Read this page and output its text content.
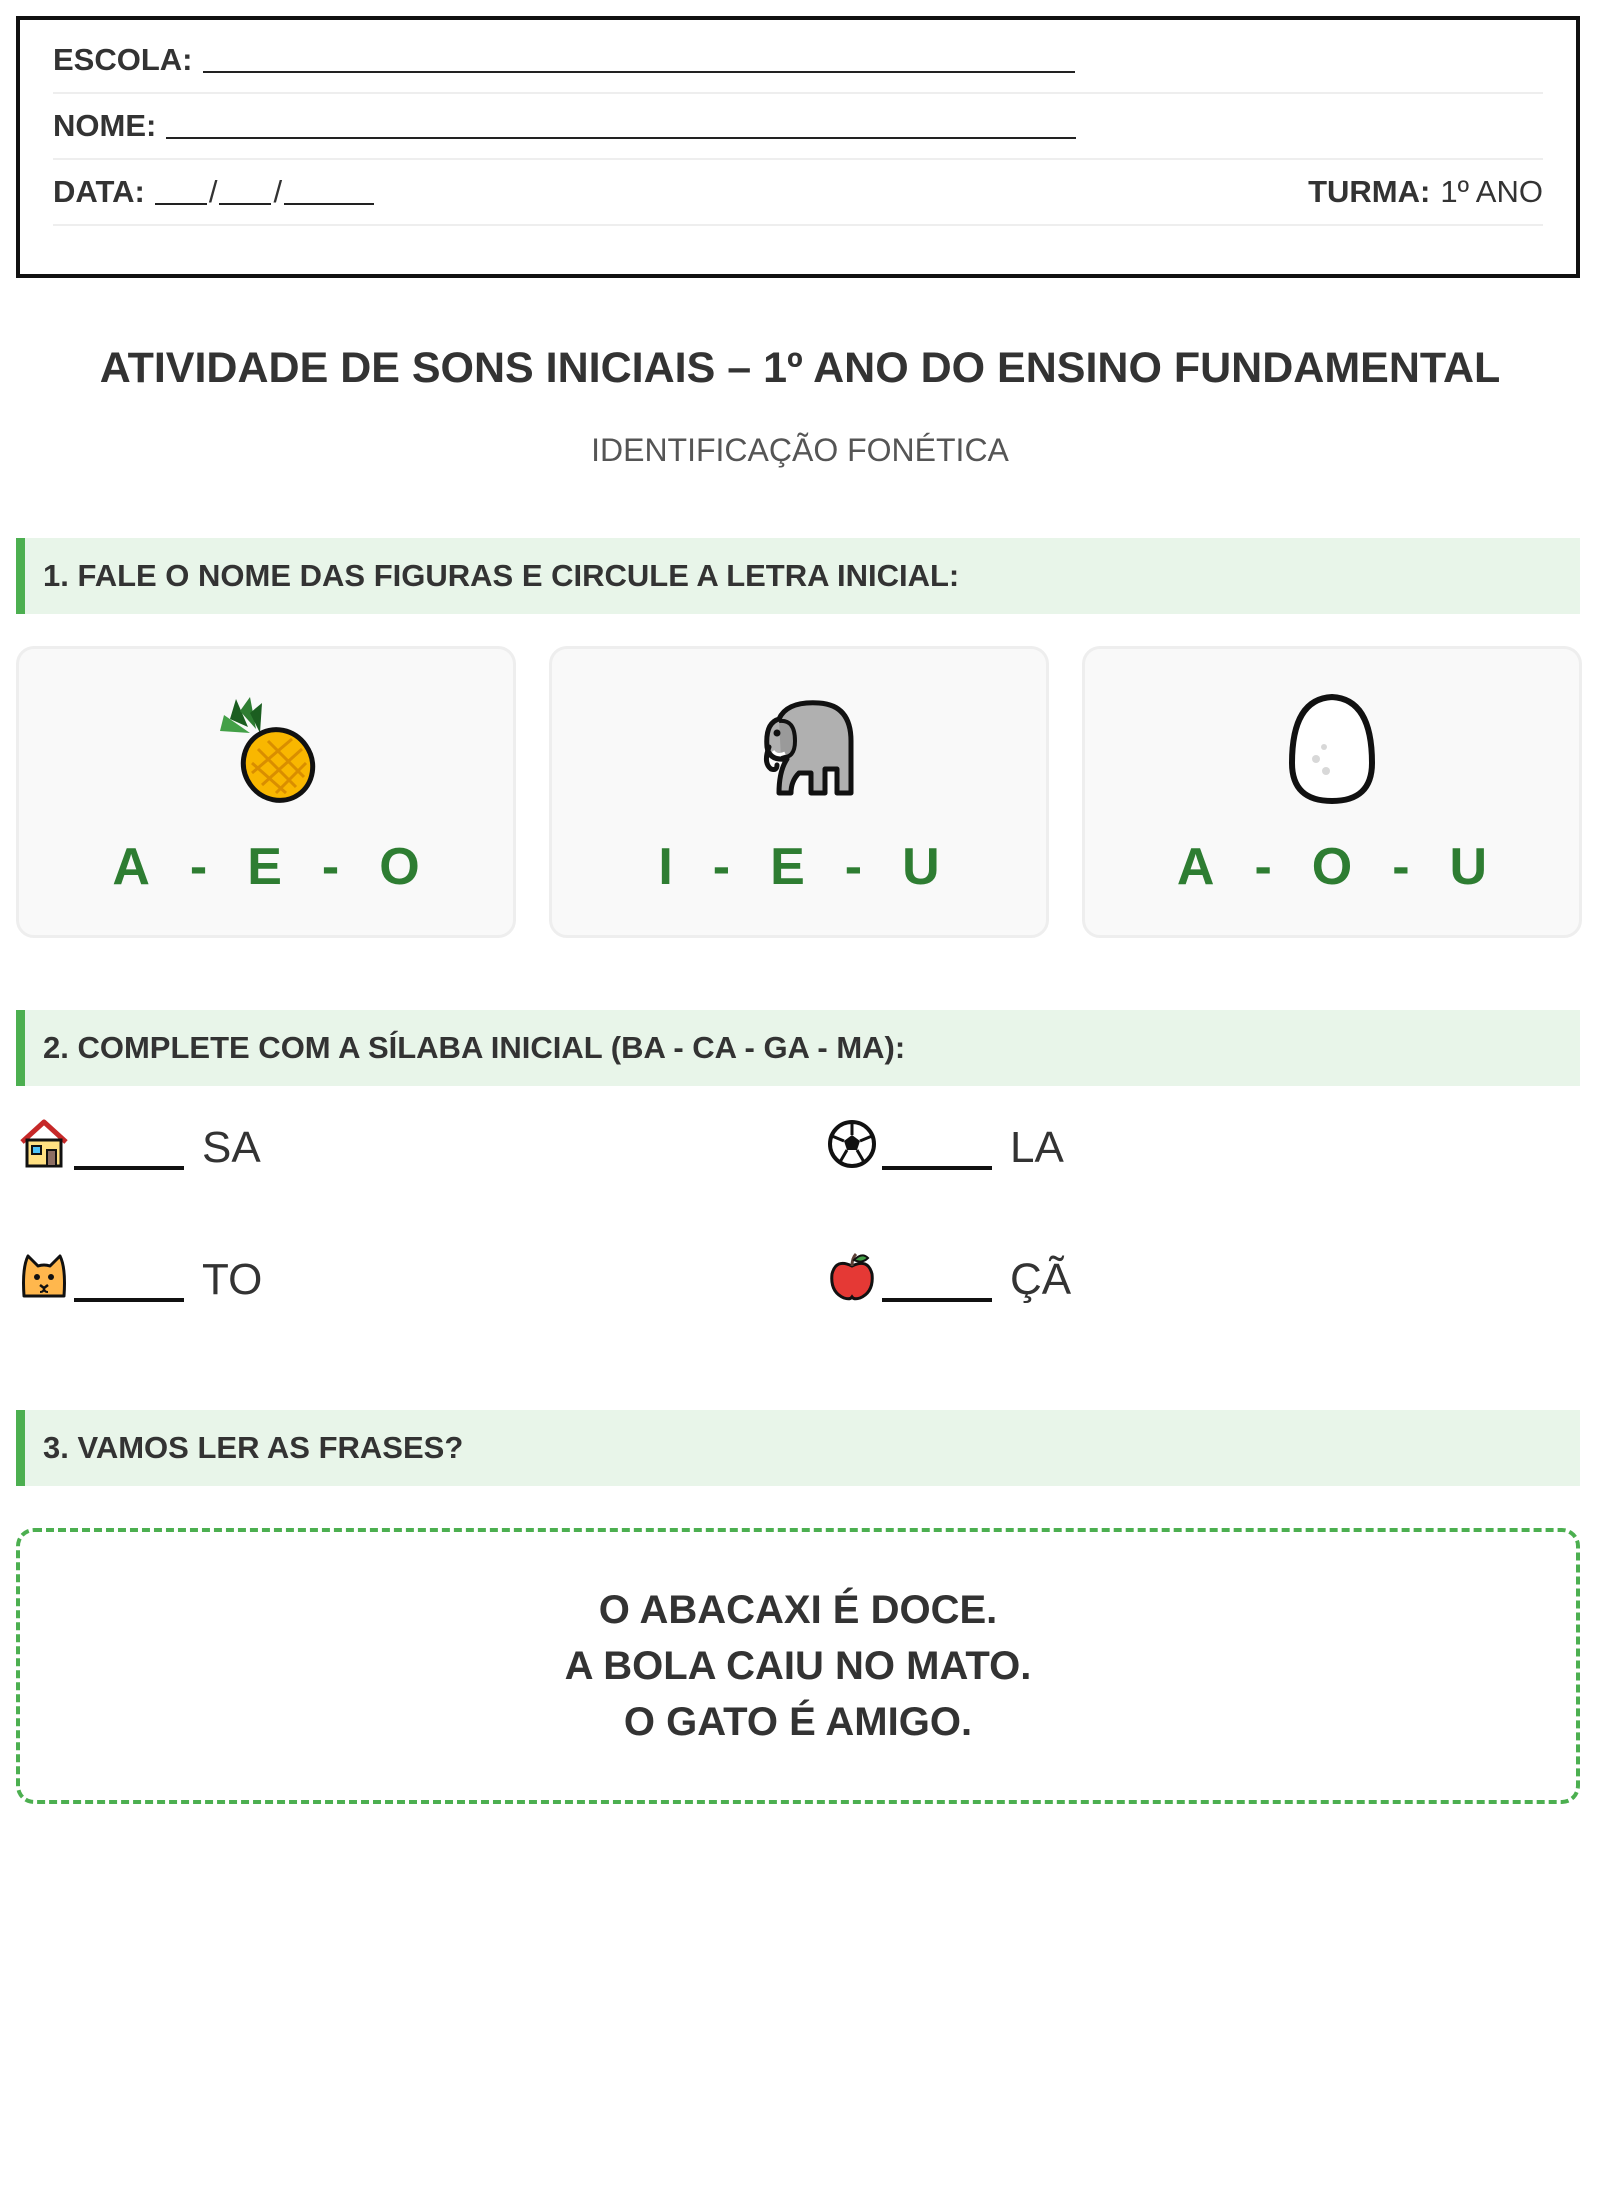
ESCOLA:
NOME:
DATA: / /	TURMA: 1º ANO
ATIVIDADE DE SONS INICIAIS – 1º ANO DO ENSINO FUNDAMENTAL
IDENTIFICAÇÃO FONÉTICA
1. FALE O NOME DAS FIGURAS E CIRCULE A LETRA INICIAL:
A - E - O	I - E - U	A - O - U
2. COMPLETE COM A SÍLABA INICIAL (BA - CA - GA - MA):
SA	LA
TO	ÇÃ
3. VAMOS LER AS FRASES?
O ABACAXI É DOCE.
A BOLA CAIU NO MATO.
O GATO É AMIGO.
